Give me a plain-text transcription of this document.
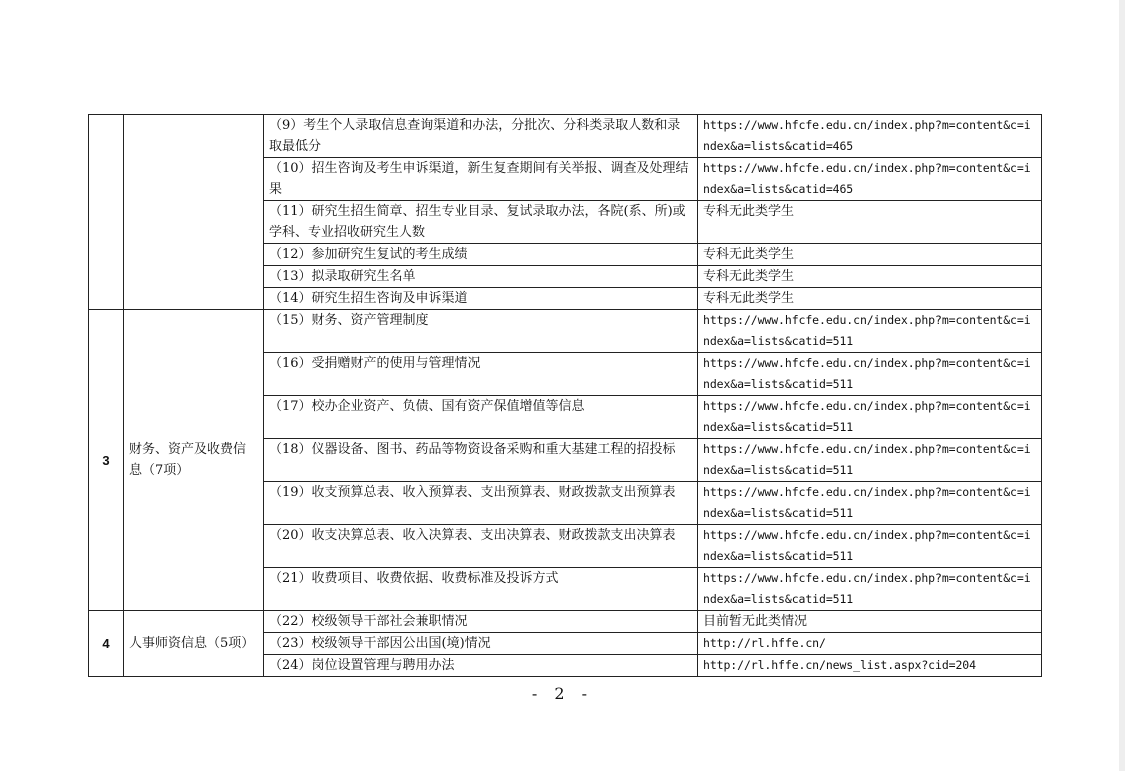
		（9）考生个人录取信息查询渠道和办法，分批次、分科类录取人数和录取最低分	https://www.hfcfe.edu.cn/index.php?m=content&c=index&a=lists&catid=465
		（10）招生咨询及考生申诉渠道，新生复查期间有关举报、调查及处理结果	https://www.hfcfe.edu.cn/index.php?m=content&c=index&a=lists&catid=465
		（11）研究生招生简章、招生专业目录、复试录取办法，各院(系、所)或学科、专业招收研究生人数	专科无此类学生
		（12）参加研究生复试的考生成绩	专科无此类学生
		（13）拟录取研究生名单	专科无此类学生
		（14）研究生招生咨询及申诉渠道	专科无此类学生
3	财务、资产及收费信息（7项）	（15）财务、资产管理制度	https://www.hfcfe.edu.cn/index.php?m=content&c=index&a=lists&catid=511
		（16）受捐赠财产的使用与管理情况	https://www.hfcfe.edu.cn/index.php?m=content&c=index&a=lists&catid=511
		（17）校办企业资产、负债、国有资产保值增值等信息	https://www.hfcfe.edu.cn/index.php?m=content&c=index&a=lists&catid=511
		（18）仪器设备、图书、药品等物资设备采购和重大基建工程的招投标	https://www.hfcfe.edu.cn/index.php?m=content&c=index&a=lists&catid=511
		（19）收支预算总表、收入预算表、支出预算表、财政拨款支出预算表	https://www.hfcfe.edu.cn/index.php?m=content&c=index&a=lists&catid=511
		（20）收支决算总表、收入决算表、支出决算表、财政拨款支出决算表	https://www.hfcfe.edu.cn/index.php?m=content&c=index&a=lists&catid=511
		（21）收费项目、收费依据、收费标准及投诉方式	https://www.hfcfe.edu.cn/index.php?m=content&c=index&a=lists&catid=511
4	人事师资信息（5项）	（22）校级领导干部社会兼职情况	目前暂无此类情况
		（23）校级领导干部因公出国(境)情况	http://rl.hffe.cn/
		（24）岗位设置管理与聘用办法	http://rl.hffe.cn/news_list.aspx?cid=204
- 2 -
